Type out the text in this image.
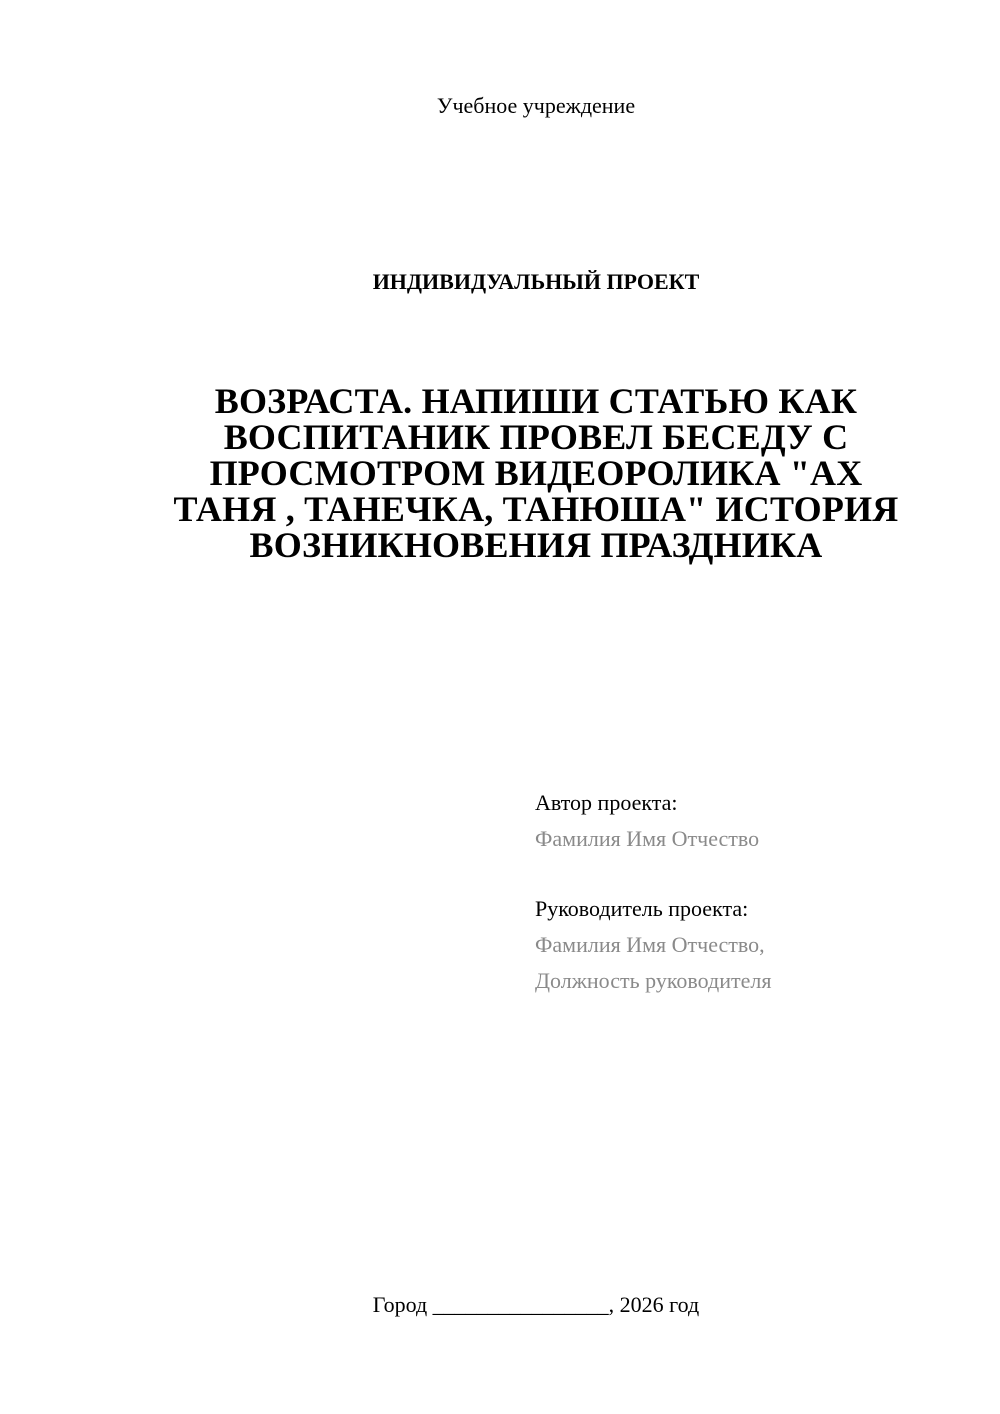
Учебное учреждение
ИНДИВИДУАЛЬНЫЙ ПРОЕКТ
ВОЗРАСТА. НАПИШИ СТАТЬЮ КАК
ВОСПИТАНИК ПРОВЕЛ БЕСЕДУ С
ПРОСМОТРОМ ВИДЕОРОЛИКА "АХ
ТАНЯ , ТАНЕЧКА, ТАНЮША" ИСТОРИЯ
ВОЗНИКНОВЕНИЯ ПРАЗДНИКА
Автор проекта:
Фамилия Имя Отчество
Руководитель проекта:
Фамилия Имя Отчество,
Должность руководителя
Город ________________, 2026 год
